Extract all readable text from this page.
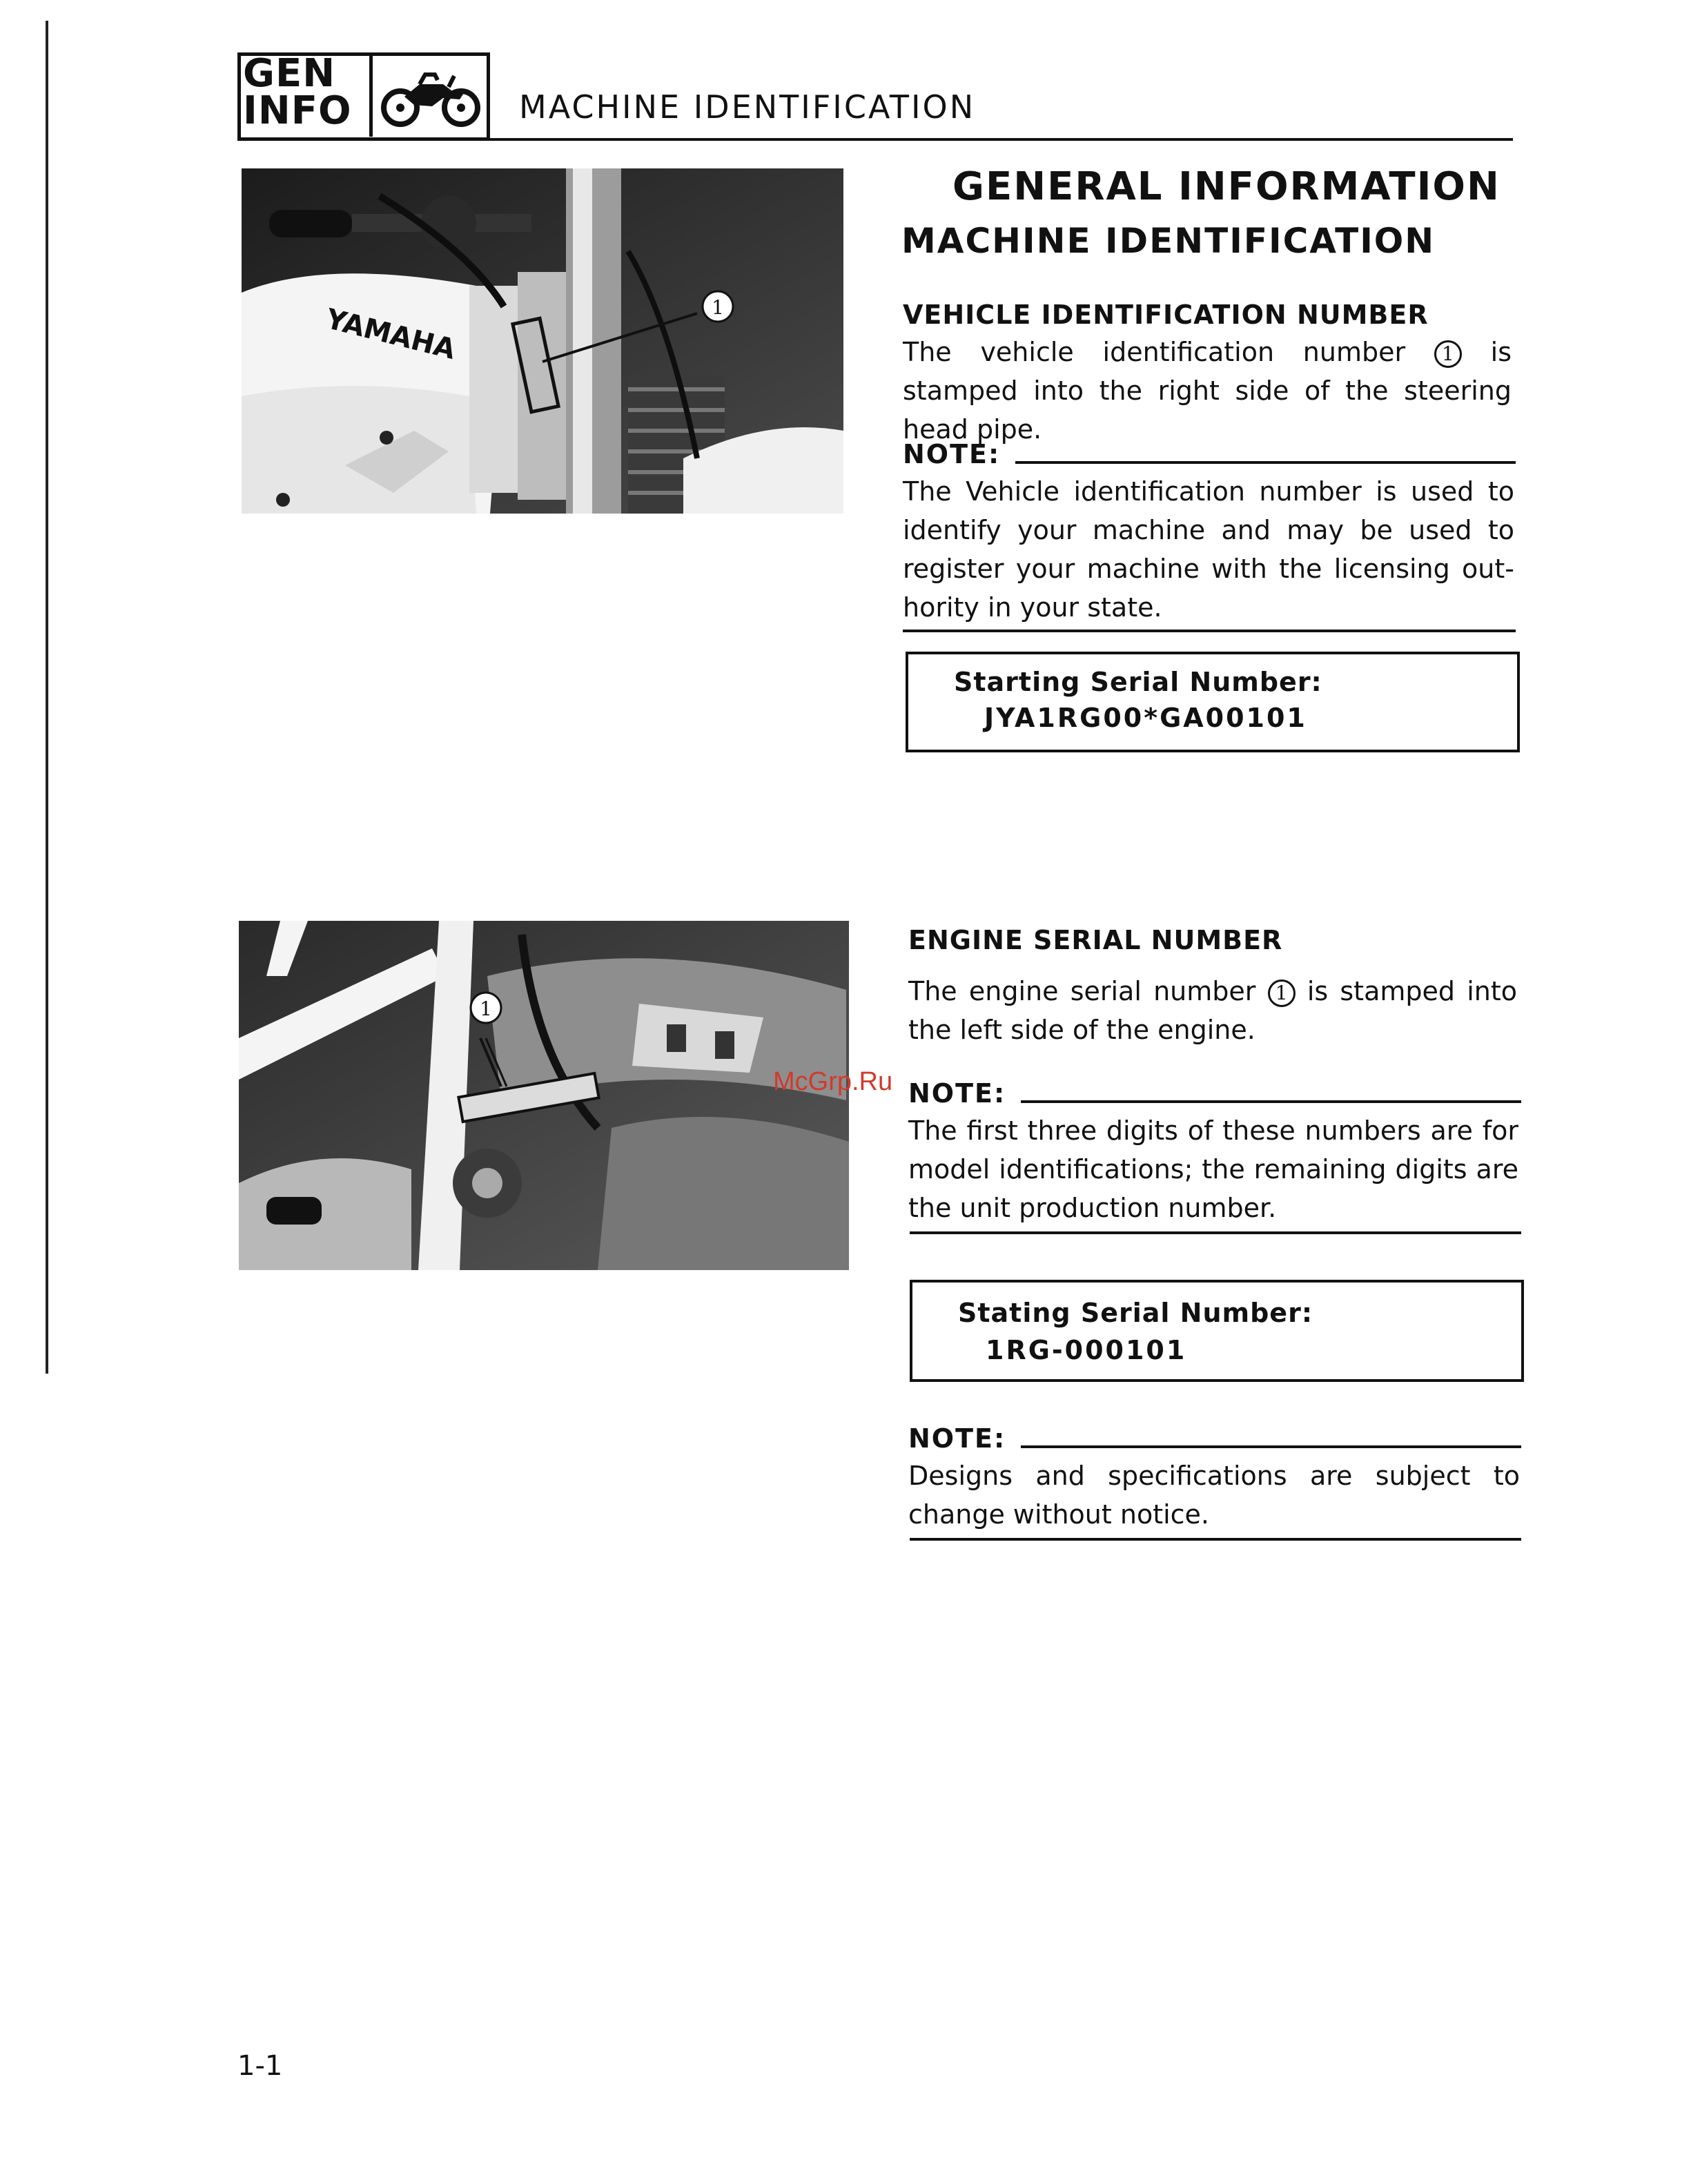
GEN
INFO	MACHINE IDENTIFICATION
1
YAMAHA
1
GENERAL INFORMATION
MACHINE IDENTIFICATION
VEHICLE IDENTIFICATION NUMBER
The vehicle identification number 1 is stamped into the right side of the steering head pipe.
NOTE:
The Vehicle identification number is used to identify your machine and may be used to register your machine with the licensing out-hority in your state.
Starting Serial Number:
JYA1RG00*GA00101
ENGINE SERIAL NUMBER
The engine serial number 1 is stamped into the left side of the engine.
McGrp.Ru NOTE:
The first three digits of these numbers are for model identifications; the remaining digits are the unit production number.
Stating Serial Number:
1RG-000101
NOTE:
Designs and specifications are subject to change without notice.
1-1
